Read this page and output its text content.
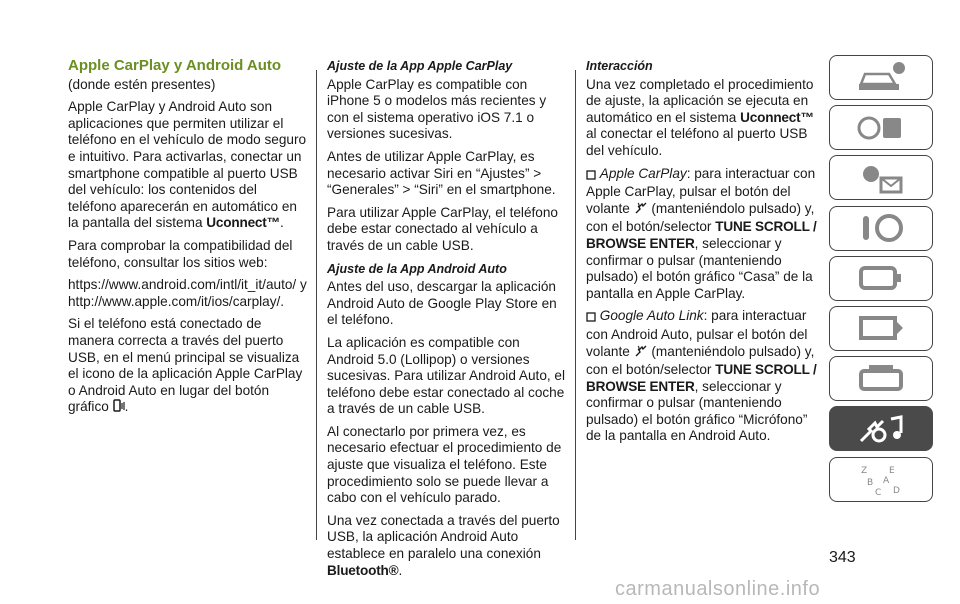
Apple CarPlay y Android Auto

(donde estén presentes)

Apple CarPlay y Android Auto son aplicaciones que permiten utilizar el teléfono en el vehículo de modo seguro e intuitivo. Para activarlas, conectar un smartphone compatible al puerto USB del vehículo: los contenidos del teléfono aparecerán en automático en la pantalla del sistema Uconnect™.

Para comprobar la compatibilidad del teléfono, consultar los sitios web:

https://www.android.com/intl/it_it/auto/ y http://www.apple.com/it/ios/carplay/.

Si el teléfono está conectado de manera correcta a través del puerto USB, en el menú principal se visualiza el icono de la aplicación Apple CarPlay o Android Auto en lugar del botón gráfico .

Ajuste de la App Apple CarPlay

Apple CarPlay es compatible con iPhone 5 o modelos más recientes y con el sistema operativo iOS 7.1 o versiones sucesivas.

Antes de utilizar Apple CarPlay, es necesario activar Siri en “Ajustes” > “Generales” > “Siri” en el smartphone.

Para utilizar Apple CarPlay, el teléfono debe estar conectado al vehículo a través de un cable USB.

Ajuste de la App Android Auto

Antes del uso, descargar la aplicación Android Auto de Google Play Store en el teléfono.

La aplicación es compatible con Android 5.0 (Lollipop) o versiones sucesivas. Para utilizar Android Auto, el teléfono debe estar conectado al coche a través de un cable USB.

Al conectarlo por primera vez, es necesario efectuar el procedimiento de ajuste que visualiza el teléfono. Este procedimiento solo se puede llevar a cabo con el vehículo parado.

Una vez conectada a través del puerto USB, la aplicación Android Auto establece en paralelo una conexión Bluetooth®.

Interacción

Una vez completado el procedimiento de ajuste, la aplicación se ejecuta en automático en el sistema Uconnect™ al conectar el teléfono al puerto USB del vehículo.

Apple CarPlay: para interactuar con Apple CarPlay, pulsar el botón del volante  (manteniéndolo pulsado) y, con el botón/selector TUNE SCROLL / BROWSE ENTER, seleccionar y confirmar o pulsar (manteniendo pulsado) el botón gráfico “Casa” de la pantalla en Apple CarPlay.

Google Auto Link: para interactuar con Android Auto, pulsar el botón del volante  (manteniéndolo pulsado) y, con el botón/selector TUNE SCROLL / BROWSE ENTER, seleccionar y confirmar o pulsar (manteniendo pulsado) el botón gráfico “Micrófono” de la pantalla en Android Auto.

Z E
B A
C D
343
carmanualsonline.info
